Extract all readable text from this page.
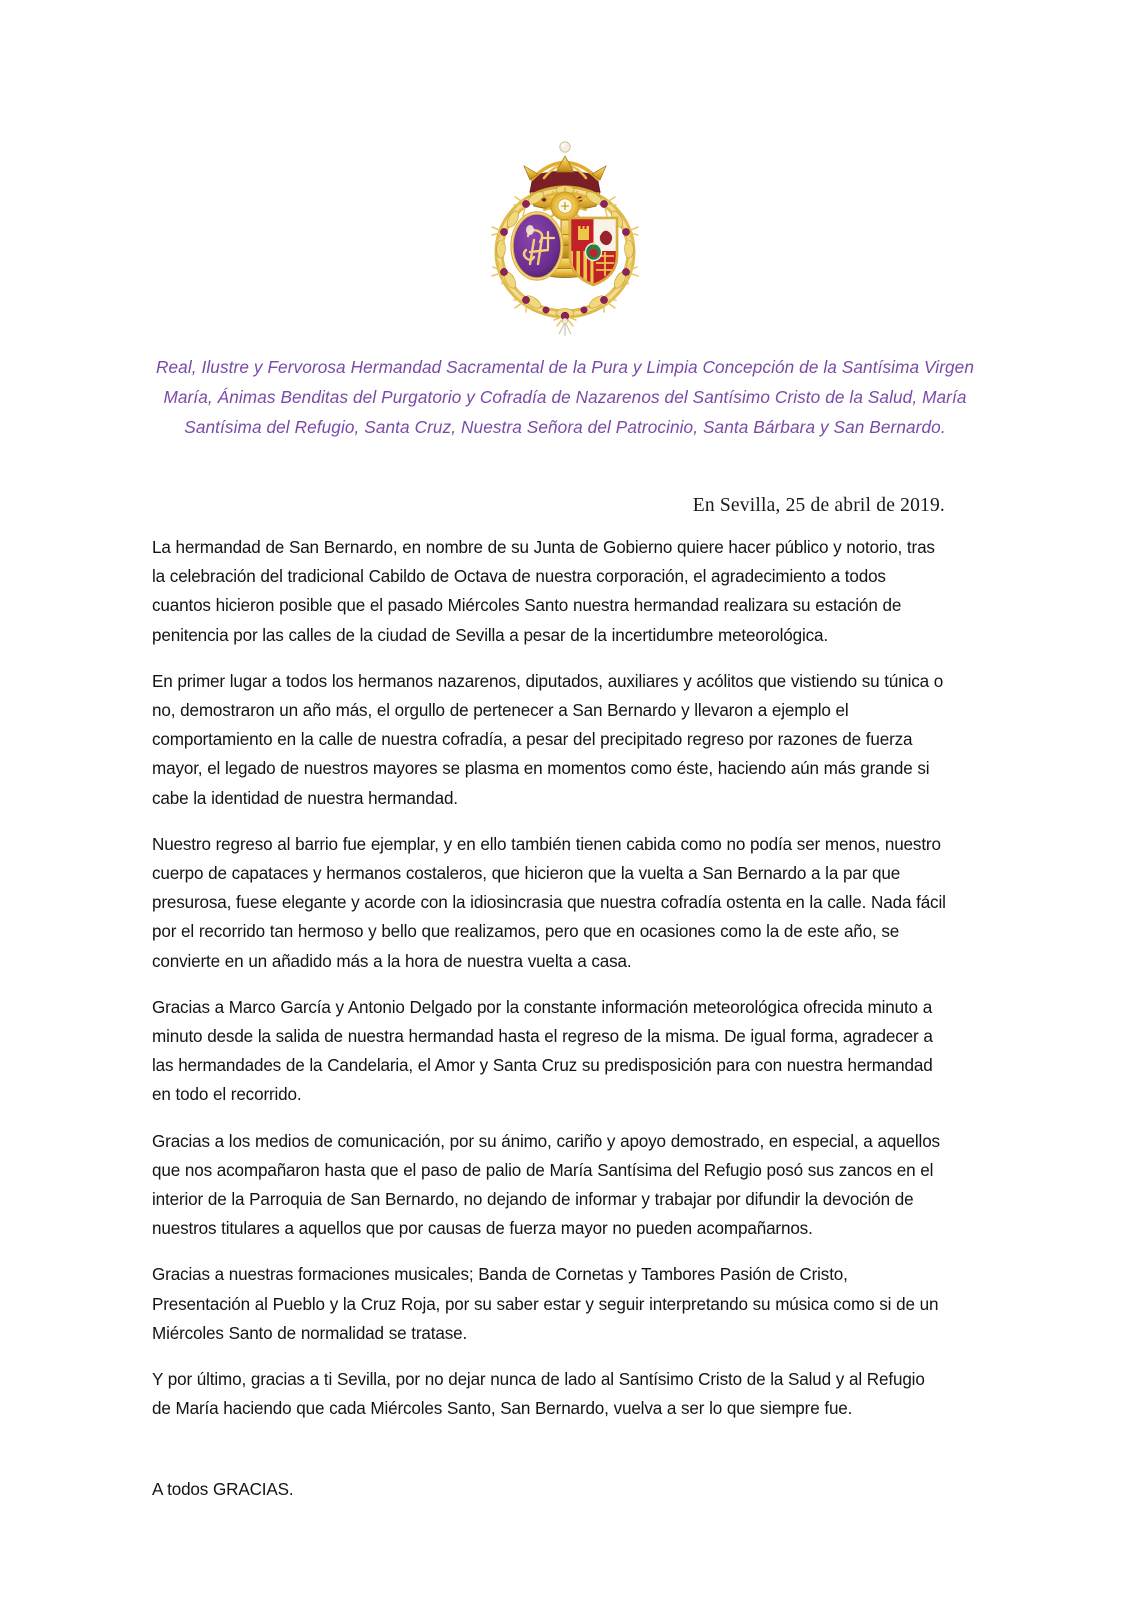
Real, Ilustre y Fervorosa Hermandad Sacramental de la Pura y Limpia Concepción de la Santísima Virgen
María, Ánimas Benditas del Purgatorio y Cofradía de Nazarenos del Santísimo Cristo de la Salud, María
Santísima del Refugio, Santa Cruz, Nuestra Señora del Patrocinio, Santa Bárbara y San Bernardo.
En Sevilla, 25 de abril de 2019.

La hermandad de San Bernardo, en nombre de su Junta de Gobierno quiere hacer público y notorio, tras la celebración del tradicional Cabildo de Octava de nuestra corporación, el agradecimiento a todos cuantos hicieron posible que el pasado Miércoles Santo nuestra hermandad realizara su estación de penitencia por las calles de la ciudad de Sevilla a pesar de la incertidumbre meteorológica.

En primer lugar a todos los hermanos nazarenos, diputados, auxiliares y acólitos que vistiendo su túnica o no, demostraron un año más, el orgullo de pertenecer a San Bernardo y llevaron a ejemplo el comportamiento en la calle de nuestra cofradía, a pesar del precipitado regreso por razones de fuerza mayor, el legado de nuestros mayores se plasma en momentos como éste, haciendo aún más grande si cabe la identidad de nuestra hermandad.

Nuestro regreso al barrio fue ejemplar, y en ello también tienen cabida como no podía ser menos, nuestro cuerpo de capataces y hermanos costaleros, que hicieron que la vuelta a San Bernardo a la par que presurosa, fuese elegante y acorde con la idiosincrasia que nuestra cofradía ostenta en la calle. Nada fácil por el recorrido tan hermoso y bello que realizamos, pero que en ocasiones como la de este año, se convierte en un añadido más a la hora de nuestra vuelta a casa.

Gracias a Marco García y Antonio Delgado por la constante información meteorológica ofrecida minuto a minuto desde la salida de nuestra hermandad hasta el regreso de la misma. De igual forma, agradecer a las hermandades de la Candelaria, el Amor y Santa Cruz su predisposición para con nuestra hermandad en todo el recorrido.

Gracias a los medios de comunicación, por su ánimo, cariño y apoyo demostrado, en especial, a aquellos que nos acompañaron hasta que el paso de palio de María Santísima del Refugio posó sus zancos en el interior de la Parroquia de San Bernardo, no dejando de informar y trabajar por difundir la devoción de nuestros titulares a aquellos que por causas de fuerza mayor no pueden acompañarnos.

Gracias a nuestras formaciones musicales; Banda de Cornetas y Tambores Pasión de Cristo, Presentación al Pueblo y la Cruz Roja, por su saber estar y seguir interpretando su música como si de un Miércoles Santo de normalidad se tratase.

Y por último, gracias a ti Sevilla, por no dejar nunca de lado al Santísimo Cristo de la Salud y al Refugio de María haciendo que cada Miércoles Santo, San Bernardo, vuelva a ser lo que siempre fue.

A todos GRACIAS.
